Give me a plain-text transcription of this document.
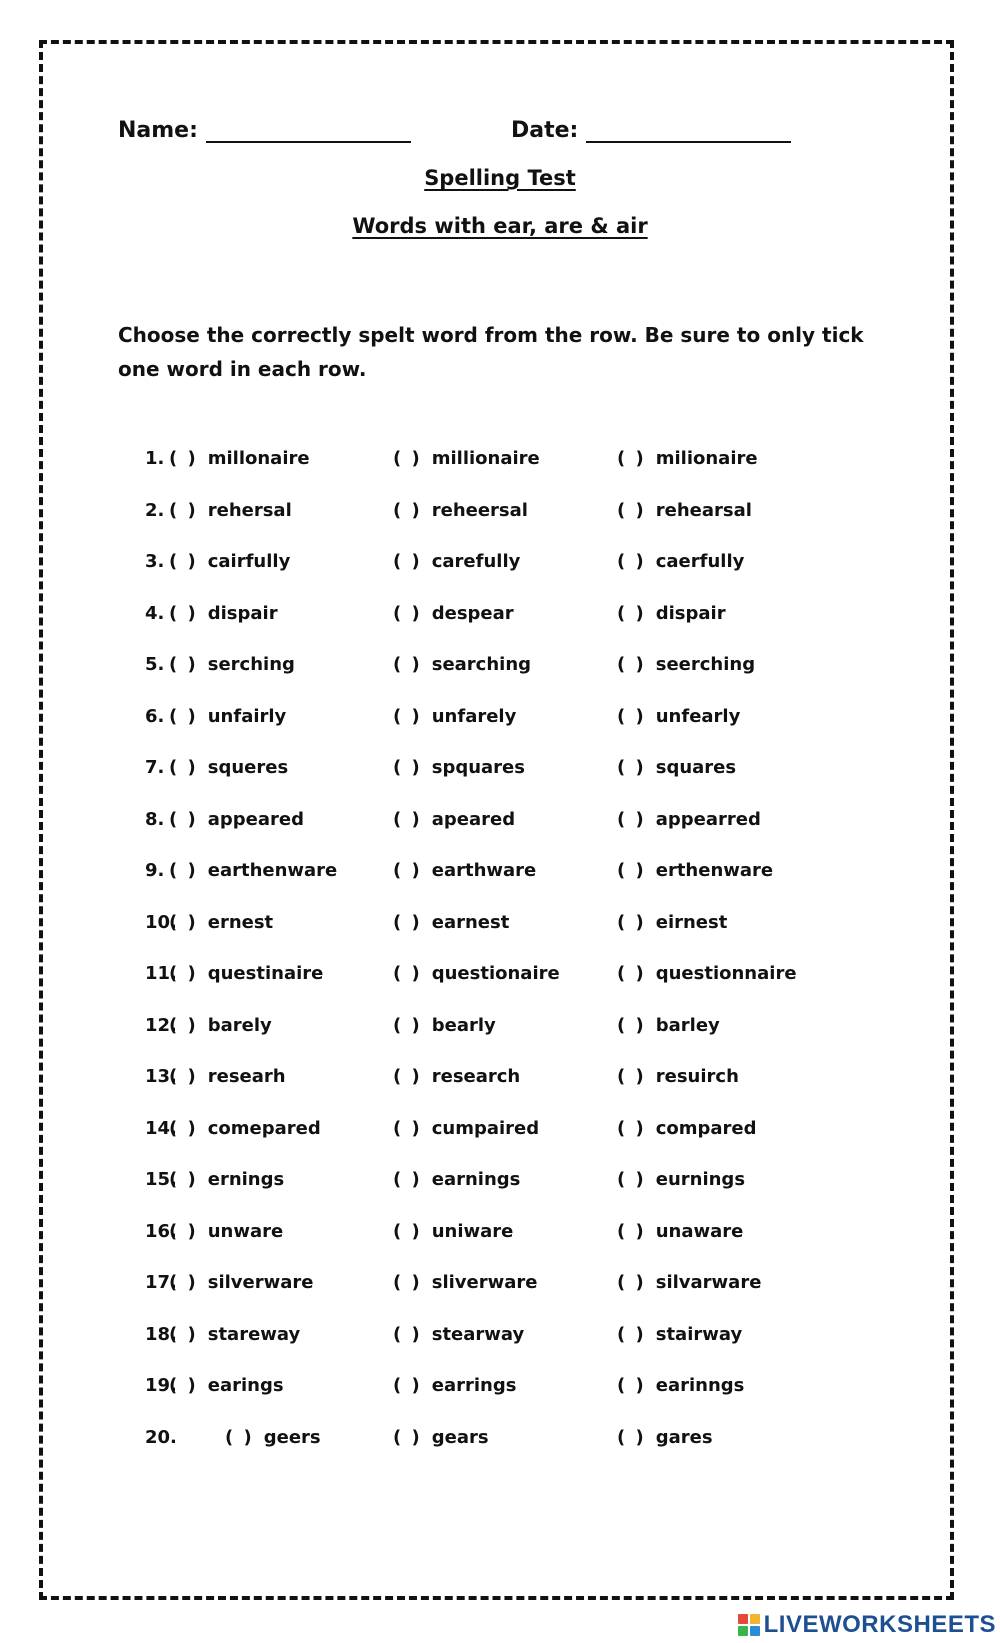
Name:	Date:
Spelling Test
Words with ear, are & air

Choose the correctly spelt word from the row. Be sure to only tick one word in each row.

1. ( ) millonaire	( ) millionaire	( ) milionaire
2. ( ) rehersal	( ) reheersal	( ) rehearsal
3. ( ) cairfully	( ) carefully	( ) caerfully
4. ( ) dispair	( ) despear	( ) dispair
5. ( ) serching	( ) searching	( ) seerching
6. ( ) unfairly	( ) unfarely	( ) unfearly
7. ( ) squeres	( ) spquares	( ) squares
8. ( ) appeared	( ) apeared	( ) appearred
9. ( ) earthenware	( ) earthware	( ) erthenware
10.
( ) ernest	( ) earnest	( ) eirnest
11.
( ) questinaire	( ) questionaire	( ) questionnaire
12.
( ) barely	( ) bearly	( ) barley
13.
( ) researh	( ) research	( ) resuirch
14.
( ) comepared	( ) cumpaired	( ) compared
15.
( ) ernings	( ) earnings	( ) eurnings
16.
( ) unware	( ) uniware	( ) unaware
17.
( ) silverware	( ) sliverware	( ) silvarware
18.
( ) stareway	( ) stearway	( ) stairway
19.
( ) earings	( ) earrings	( ) earinngs
20.	( ) geers	( ) gears	( ) gares
LIVEWORKSHEETS
